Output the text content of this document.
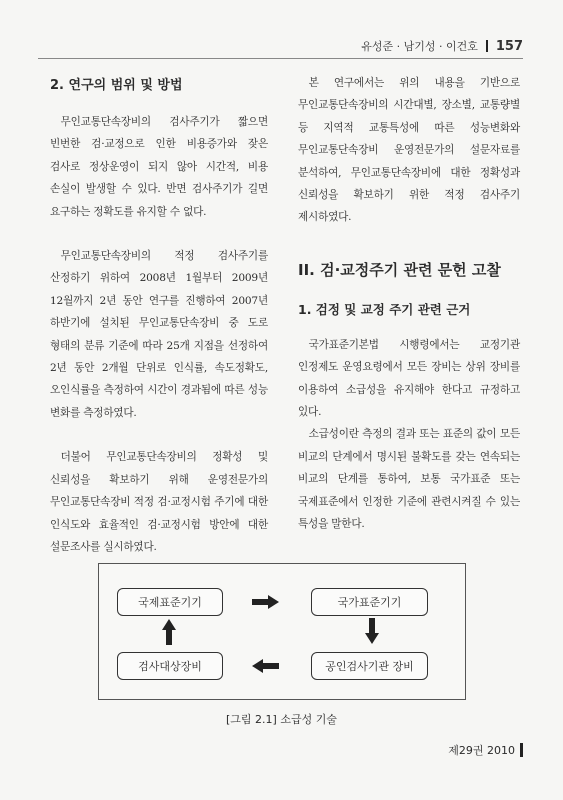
유성준 · 남기성 · 이건호 157
2. 연구의 범위 및 방법

무인교통단속장비의 검사주기가 짧으면 빈번한 검·교정으로 인한 비용증가와 잦은 검사로 정상운영이 되지 않아 시간적, 비용 손실이 발생할 수 있다. 반면 검사주기가 길면 요구하는 정확도를 유지할 수 없다.

무인교통단속장비의 적정 검사주기를 산정하기 위하여 2008년 1월부터 2009년 12월까지 2년 동안 연구를 진행하여 2007년 하반기에 설치된 무인교통단속장비 중 도로 형태의 분류 기준에 따라 25개 지점을 선정하여 2년 동안 2개월 단위로 인식률, 속도정확도, 오인식률을 측정하여 시간이 경과됨에 따른 성능 변화를 측정하였다.

더불어 무인교통단속장비의 정확성 및 신뢰성을 확보하기 위해 운영전문가의 무인교통단속장비 적정 검·교정시험 주기에 대한 인식도와 효율적인 검·교정시험 방안에 대한 설문조사를 실시하였다.

본 연구에서는 위의 내용을 기반으로 무인교통단속장비의 시간대별, 장소별, 교통량별 등 지역적 교통특성에 따른 성능변화와 무인교통단속장비 운영전문가의 설문자료를 분석하여, 무인교통단속장비에 대한 정확성과 신뢰성을 확보하기 위한 적정 검사주기 제시하였다.

II. 검·교정주기 관련 문헌 고찰
1. 검정 및 교정 주기 관련 근거

국가표준기본법 시행령에서는 교정기관 인정제도 운영요령에서 모든 장비는 상위 장비를 이용하여 소급성을 유지해야 한다고 규정하고 있다.

소급성이란 측정의 결과 또는 표준의 값이 모든 비교의 단계에서 명시된 불확도를 갖는 연속되는 비교의 단계를 통하여, 보통 국가표준 또는 국제표준에서 인정한 기준에 관련시켜질 수 있는 특성을 말한다.

국제표준기기	국가표준기기
검사대상장비	공인검사기관 장비
[그림 2.1] 소급성 기술
제29권 2010
